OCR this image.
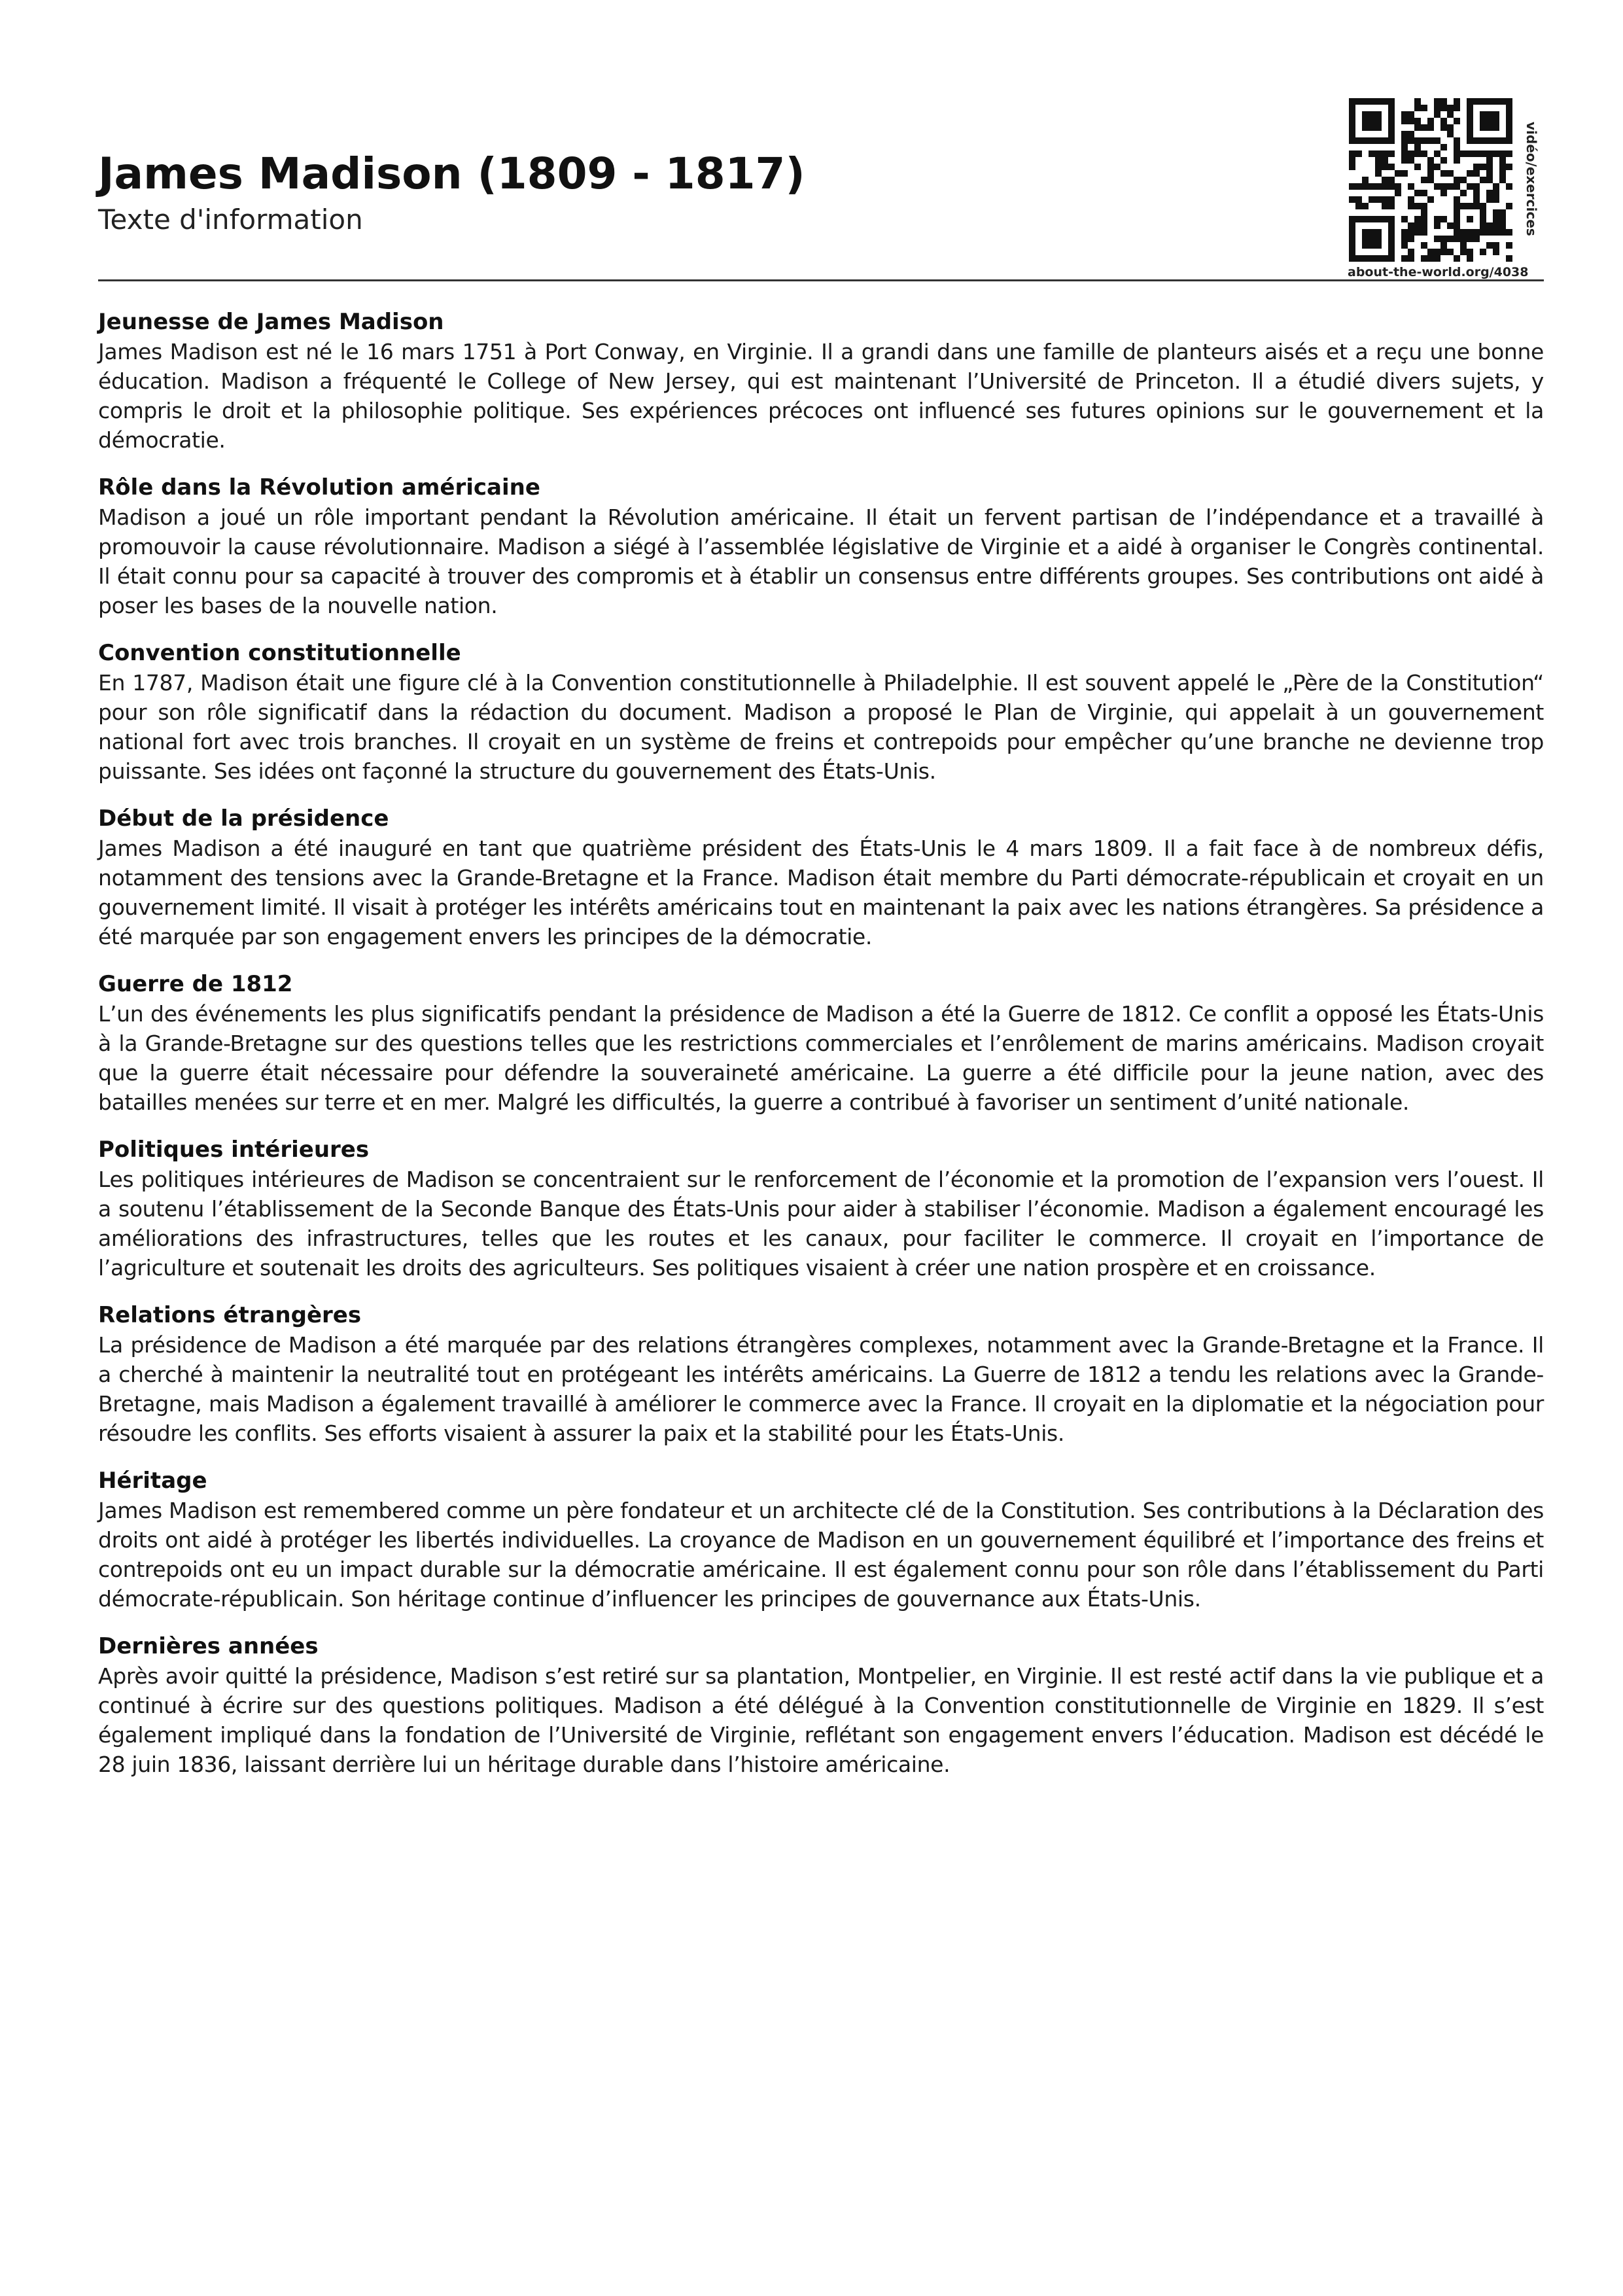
James Madison (1809 - 1817)
Texte d'information	vidéo/exercices
about-the-world.org/4038
Jeunesse de James Madison

James Madison est né le 16 mars 1751 à Port Conway, en Virginie. Il a grandi dans une famille de planteurs aisés et a reçu une bonne éducation. Madison a fréquenté le College of New Jersey, qui est maintenant l’Université de Princeton. Il a étudié divers sujets, y compris le droit et la philosophie politique. Ses expériences précoces ont influencé ses futures opinions sur le gouvernement et la démocratie.

Rôle dans la Révolution américaine

Madison a joué un rôle important pendant la Révolution américaine. Il était un fervent partisan de l’indépendance et a travaillé à promouvoir la cause révolutionnaire. Madison a siégé à l’assemblée législative de Virginie et a aidé à organiser le Congrès continental. Il était connu pour sa capacité à trouver des compromis et à établir un consensus entre différents groupes. Ses contributions ont aidé à poser les bases de la nouvelle nation.

Convention constitutionnelle

En 1787, Madison était une figure clé à la Convention constitutionnelle à Philadelphie. Il est souvent appelé le „Père de la Constitution“ pour son rôle significatif dans la rédaction du document. Madison a proposé le Plan de Virginie, qui appelait à un gouvernement national fort avec trois branches. Il croyait en un système de freins et contrepoids pour empêcher qu’une branche ne devienne trop puissante. Ses idées ont façonné la structure du gouvernement des États-Unis.

Début de la présidence

James Madison a été inauguré en tant que quatrième président des États-Unis le 4 mars 1809. Il a fait face à de nombreux défis, notamment des tensions avec la Grande-Bretagne et la France. Madison était membre du Parti démocrate-républicain et croyait en un gouvernement limité. Il visait à protéger les intérêts américains tout en maintenant la paix avec les nations étrangères. Sa présidence a été marquée par son engagement envers les principes de la démocratie.

Guerre de 1812

L’un des événements les plus significatifs pendant la présidence de Madison a été la Guerre de 1812. Ce conflit a opposé les États-Unis à la Grande-Bretagne sur des questions telles que les restrictions commerciales et l’enrôlement de marins américains. Madison croyait que la guerre était nécessaire pour défendre la souveraineté américaine. La guerre a été difficile pour la jeune nation, avec des batailles menées sur terre et en mer. Malgré les difficultés, la guerre a contribué à favoriser un sentiment d’unité nationale.

Politiques intérieures

Les politiques intérieures de Madison se concentraient sur le renforcement de l’économie et la promotion de l’expansion vers l’ouest. Il a soutenu l’établissement de la Seconde Banque des États-Unis pour aider à stabiliser l’économie. Madison a également encouragé les améliorations des infrastructures, telles que les routes et les canaux, pour faciliter le commerce. Il croyait en l’importance de l’agriculture et soutenait les droits des agriculteurs. Ses politiques visaient à créer une nation prospère et en croissance.

Relations étrangères

La présidence de Madison a été marquée par des relations étrangères complexes, notamment avec la Grande-Bretagne et la France. Il a cherché à maintenir la neutralité tout en protégeant les intérêts américains. La Guerre de 1812 a tendu les relations avec la Grande-Bretagne, mais Madison a également travaillé à améliorer le commerce avec la France. Il croyait en la diplomatie et la négociation pour résoudre les conflits. Ses efforts visaient à assurer la paix et la stabilité pour les États-Unis.

Héritage

James Madison est remembered comme un père fondateur et un architecte clé de la Constitution. Ses contributions à la Déclaration des droits ont aidé à protéger les libertés individuelles. La croyance de Madison en un gouvernement équilibré et l’importance des freins et contrepoids ont eu un impact durable sur la démocratie américaine. Il est également connu pour son rôle dans l’établissement du Parti démocrate-républicain. Son héritage continue d’influencer les principes de gouvernance aux États-Unis.

Dernières années

Après avoir quitté la présidence, Madison s’est retiré sur sa plantation, Montpelier, en Virginie. Il est resté actif dans la vie publique et a continué à écrire sur des questions politiques. Madison a été délégué à la Convention constitutionnelle de Virginie en 1829. Il s’est également impliqué dans la fondation de l’Université de Virginie, reflétant son engagement envers l’éducation. Madison est décédé le 28 juin 1836, laissant derrière lui un héritage durable dans l’histoire américaine.
